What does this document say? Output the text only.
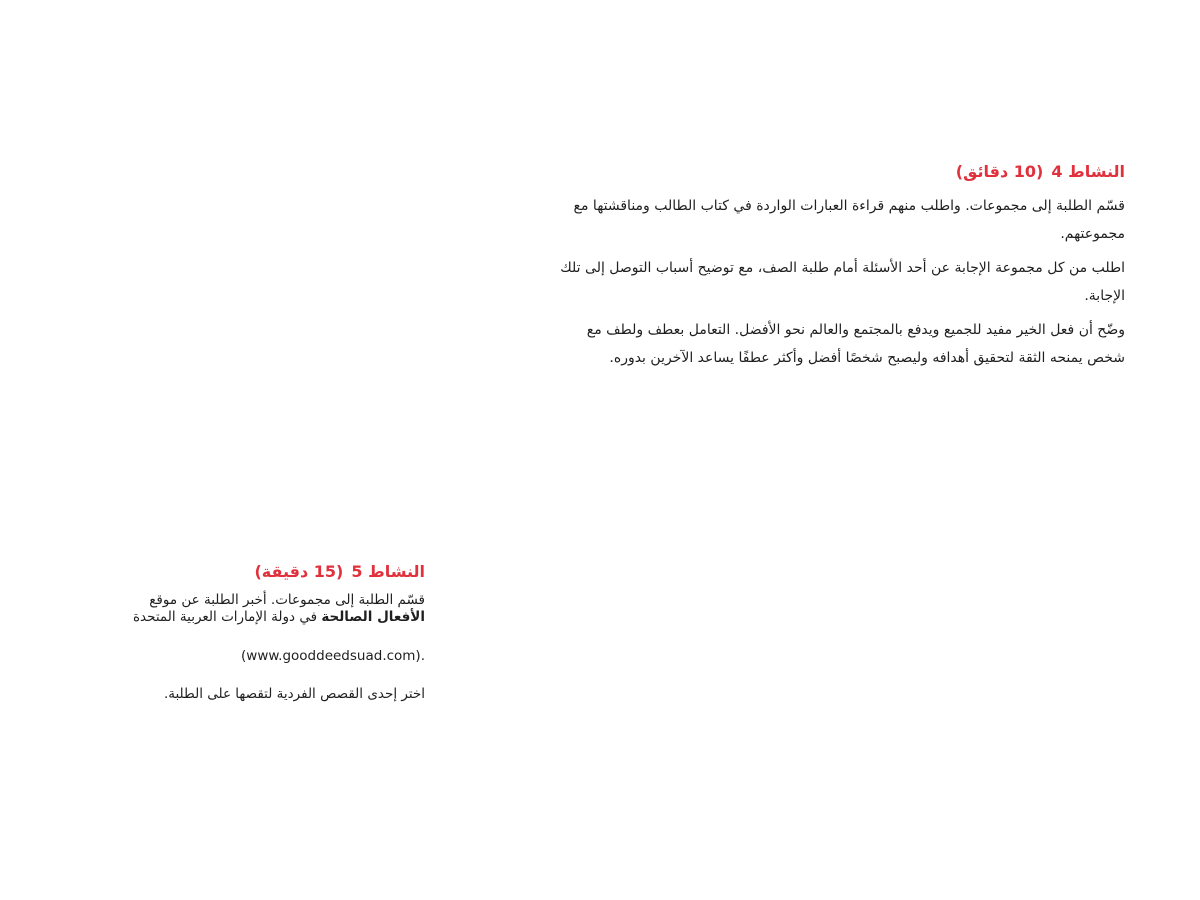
النشاط 4(10 دقائق)

قسّم الطلبة إلى مجموعات. واطلب منهم قراءة العبارات الواردة في كتاب الطالب ومناقشتها مع مجموعتهم.

اطلب من كل مجموعة الإجابة عن أحد الأسئلة أمام طلبة الصف، مع توضيح أسباب التوصل إلى تلك الإجابة.

وضّح أن فعل الخير مفيد للجميع ويدفع بالمجتمع والعالم نحو الأفضل. التعامل بعطف ولطف مع شخص يمنحه الثقة لتحقيق أهدافه وليصبح شخصًا أفضل وأكثر عطفًا يساعد الآخرين بدوره.

النشاط 5(15 دقيقة)

قسّم الطلبة إلى مجموعات. أخبر الطلبة عن موقع
الأفعال الصالحة في دولة الإمارات العربية المتحدة

(www.gooddeedsuad.com).

اختر إحدى القصص الفردية لتقصها على الطلبة.
